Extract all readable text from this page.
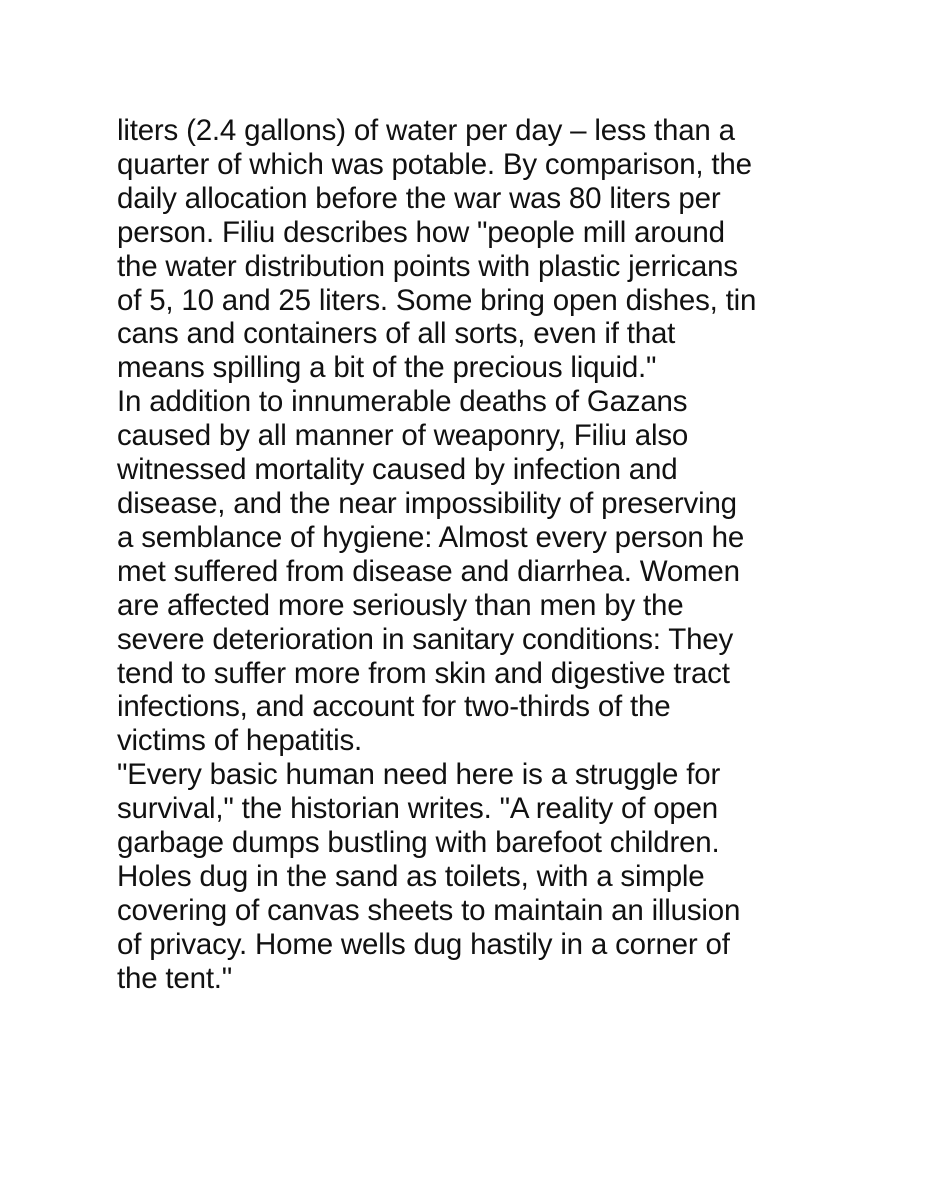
liters (2.4 gallons) of water per day – less than a
quarter of which was potable. By comparison, the
daily allocation before the war was 80 liters per
person. Filiu describes how "people mill around
the water distribution points with plastic jerricans
of 5, 10 and 25 liters. Some bring open dishes, tin
cans and containers of all sorts, even if that
means spilling a bit of the precious liquid."

In addition to innumerable deaths of Gazans
caused by all manner of weaponry, Filiu also
witnessed mortality caused by infection and
disease, and the near impossibility of preserving
a semblance of hygiene: Almost every person he
met suffered from disease and diarrhea. Women
are affected more seriously than men by the
severe deterioration in sanitary conditions: They
tend to suffer more from skin and digestive tract
infections, and account for two-thirds of the
victims of hepatitis.

"Every basic human need here is a struggle for
survival," the historian writes. "A reality of open
garbage dumps bustling with barefoot children.
Holes dug in the sand as toilets, with a simple
covering of canvas sheets to maintain an illusion
of privacy. Home wells dug hastily in a corner of
the tent."
